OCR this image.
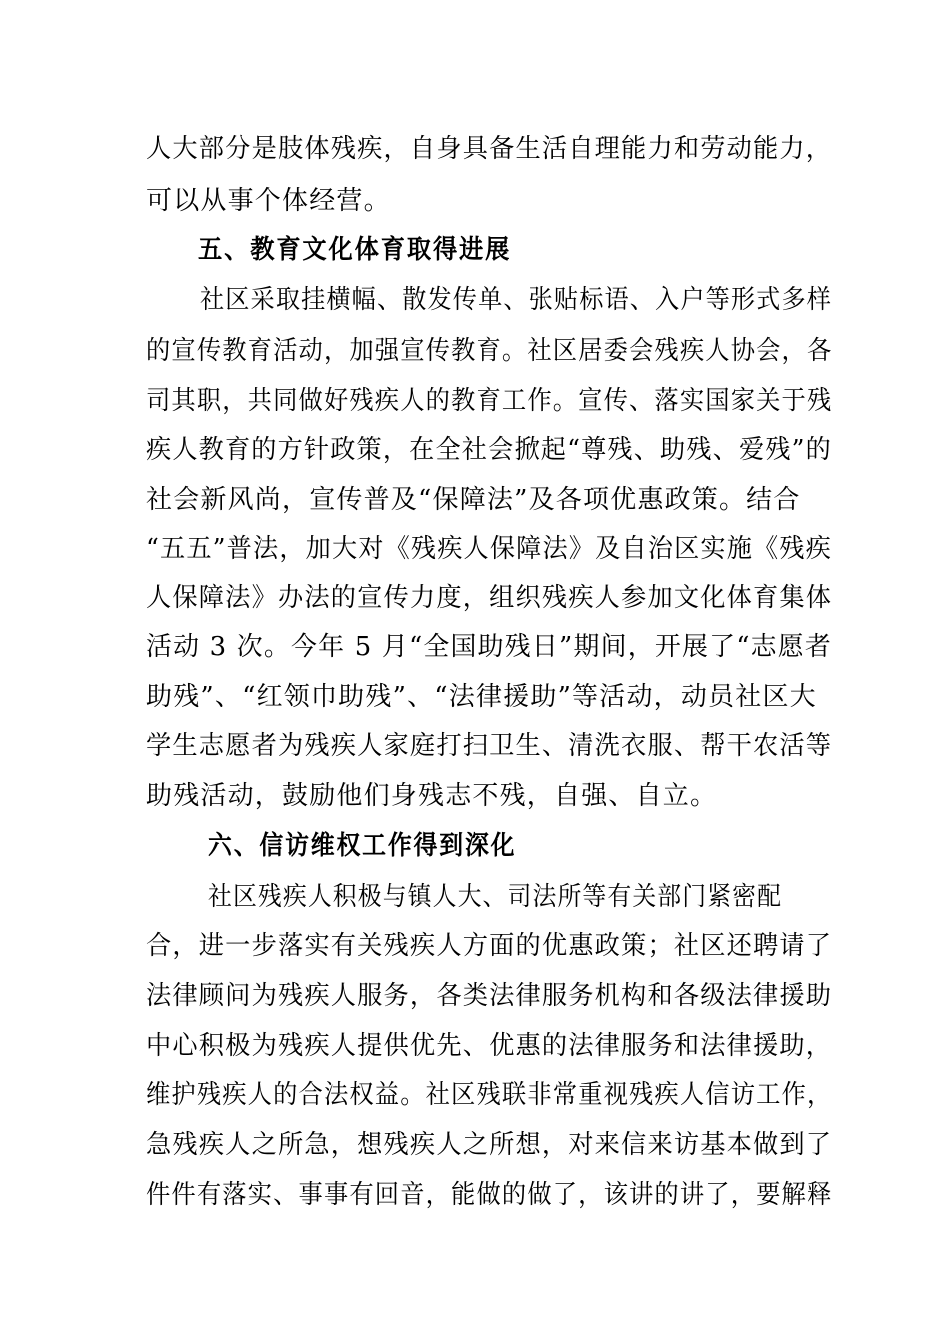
人大部分是肢体残疾，自身具备生活自理能力和劳动能力，
可以从事个体经营。
五、教育文化体育取得进展
社区采取挂横幅、散发传单、张贴标语、入户等形式多样
的宣传教育活动，加强宣传教育。社区居委会残疾人协会，各
司其职，共同做好残疾人的教育工作。宣传、落实国家关于残
疾人教育的方针政策，在全社会掀起“尊残、助残、爱残”的
社会新风尚，宣传普及“保障法”及各项优惠政策。结合
“五五”普法，加大对《残疾人保障法》及自治区实施《残疾
人保障法》办法的宣传力度，组织残疾人参加文化体育集体
活动 3 次。今年 5 月“全国助残日”期间，开展了“志愿者
助残”、“红领巾助残”、“法律援助”等活动，动员社区大
学生志愿者为残疾人家庭打扫卫生、清洗衣服、帮干农活等
助残活动，鼓励他们身残志不残，自强、自立。
六、信访维权工作得到深化
社区残疾人积极与镇人大、司法所等有关部门紧密配
合，进一步落实有关残疾人方面的优惠政策；社区还聘请了
法律顾问为残疾人服务，各类法律服务机构和各级法律援助
中心积极为残疾人提供优先、优惠的法律服务和法律援助，
维护残疾人的合法权益。社区残联非常重视残疾人信访工作，
急残疾人之所急，想残疾人之所想，对来信来访基本做到了
件件有落实、事事有回音，能做的做了，该讲的讲了，要解释
